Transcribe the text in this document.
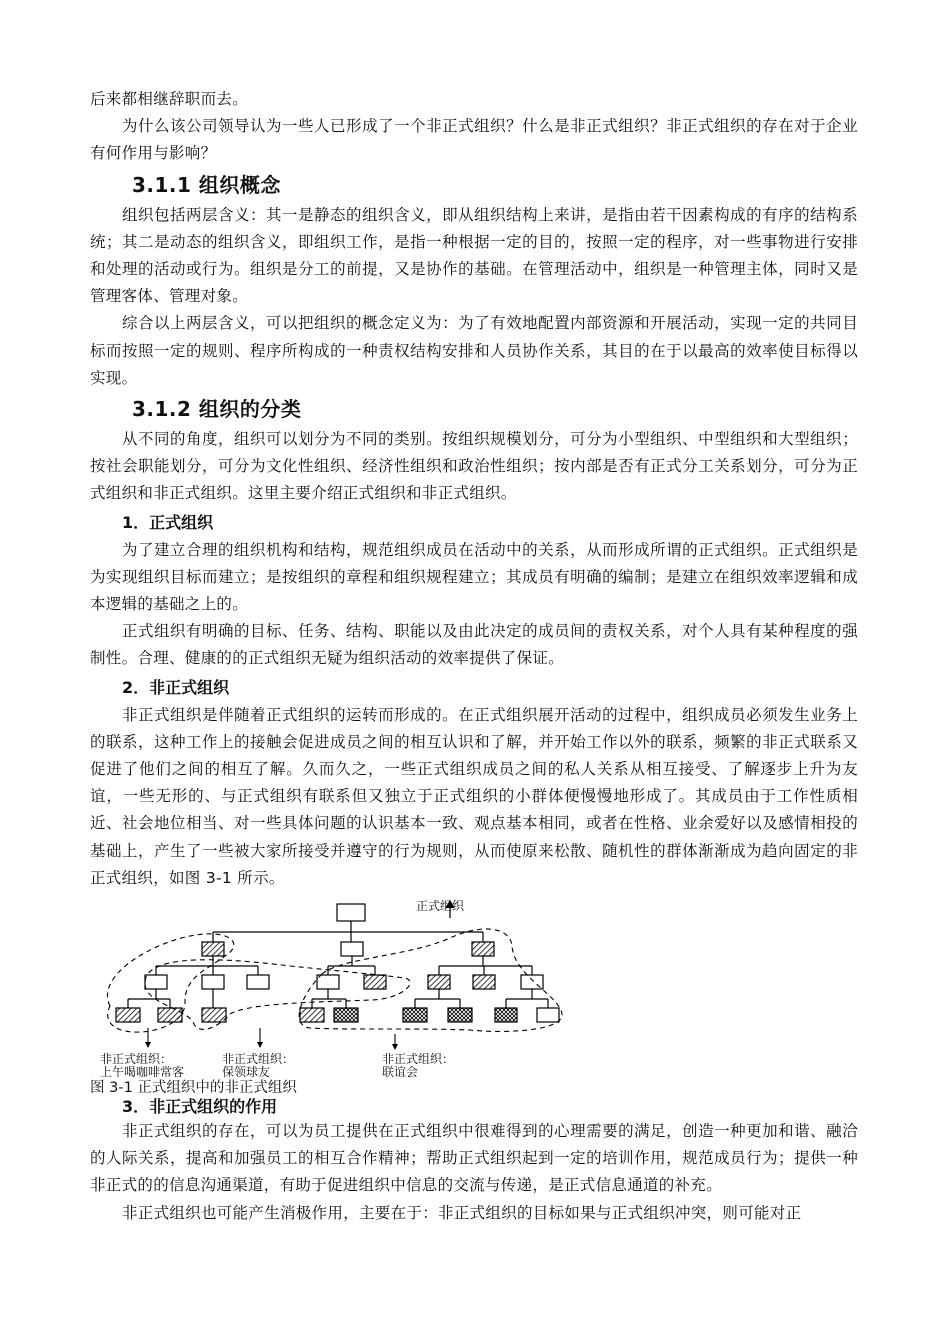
后来都相继辞职而去。

为什么该公司领导认为一些人已形成了一个非正式组织？什么是非正式组织？非正式组织的存在对于企业有何作用与影响？

3.1.1 组织概念

组织包括两层含义：其一是静态的组织含义，即从组织结构上来讲，是指由若干因素构成的有序的结构系统；其二是动态的组织含义，即组织工作，是指一种根据一定的目的，按照一定的程序，对一些事物进行安排和处理的活动或行为。组织是分工的前提，又是协作的基础。在管理活动中，组织是一种管理主体，同时又是管理客体、管理对象。

综合以上两层含义，可以把组织的概念定义为：为了有效地配置内部资源和开展活动，实现一定的共同目标而按照一定的规则、程序所构成的一种责权结构安排和人员协作关系，其目的在于以最高的效率使目标得以实现。

3.1.2 组织的分类

从不同的角度，组织可以划分为不同的类别。按组织规模划分，可分为小型组织、中型组织和大型组织；按社会职能划分，可分为文化性组织、经济性组织和政治性组织；按内部是否有正式分工关系划分，可分为正式组织和非正式组织。这里主要介绍正式组织和非正式组织。

1．正式组织

为了建立合理的组织机构和结构，规范组织成员在活动中的关系，从而形成所谓的正式组织。正式组织是为实现组织目标而建立；是按组织的章程和组织规程建立；其成员有明确的编制；是建立在组织效率逻辑和成本逻辑的基础之上的。

正式组织有明确的目标、任务、结构、职能以及由此决定的成员间的责权关系，对个人具有某种程度的强制性。合理、健康的的正式组织无疑为组织活动的效率提供了保证。

2．非正式组织

非正式组织是伴随着正式组织的运转而形成的。在正式组织展开活动的过程中，组织成员必须发生业务上的联系，这种工作上的接触会促进成员之间的相互认识和了解，并开始工作以外的联系，频繁的非正式联系又促进了他们之间的相互了解。久而久之，一些正式组织成员之间的私人关系从相互接受、了解逐步上升为友谊，一些无形的、与正式组织有联系但又独立于正式组织的小群体便慢慢地形成了。其成员由于工作性质相近、社会地位相当、对一些具体问题的认识基本一致、观点基本相同，或者在性格、业余爱好以及感情相投的基础上，产生了一些被大家所接受并遵守的行为规则，从而使原来松散、随机性的群体渐渐成为趋向固定的非正式组织，如图 3-1 所示。

正式组织
非正式组织：
上午喝咖啡常客
非正式组织：
保领球友
非正式组织：
联谊会
图 3-1 正式组织中的非正式组织
3．非正式组织的作用

非正式组织的存在，可以为员工提供在正式组织中很难得到的心理需要的满足，创造一种更加和谐、融洽的人际关系，提高和加强员工的相互合作精神；帮助正式组织起到一定的培训作用，规范成员行为；提供一种非正式的的信息沟通渠道，有助于促进组织中信息的交流与传递，是正式信息通道的补充。

非正式组织也可能产生消极作用，主要在于：非正式组织的目标如果与正式组织冲突，则可能对正
